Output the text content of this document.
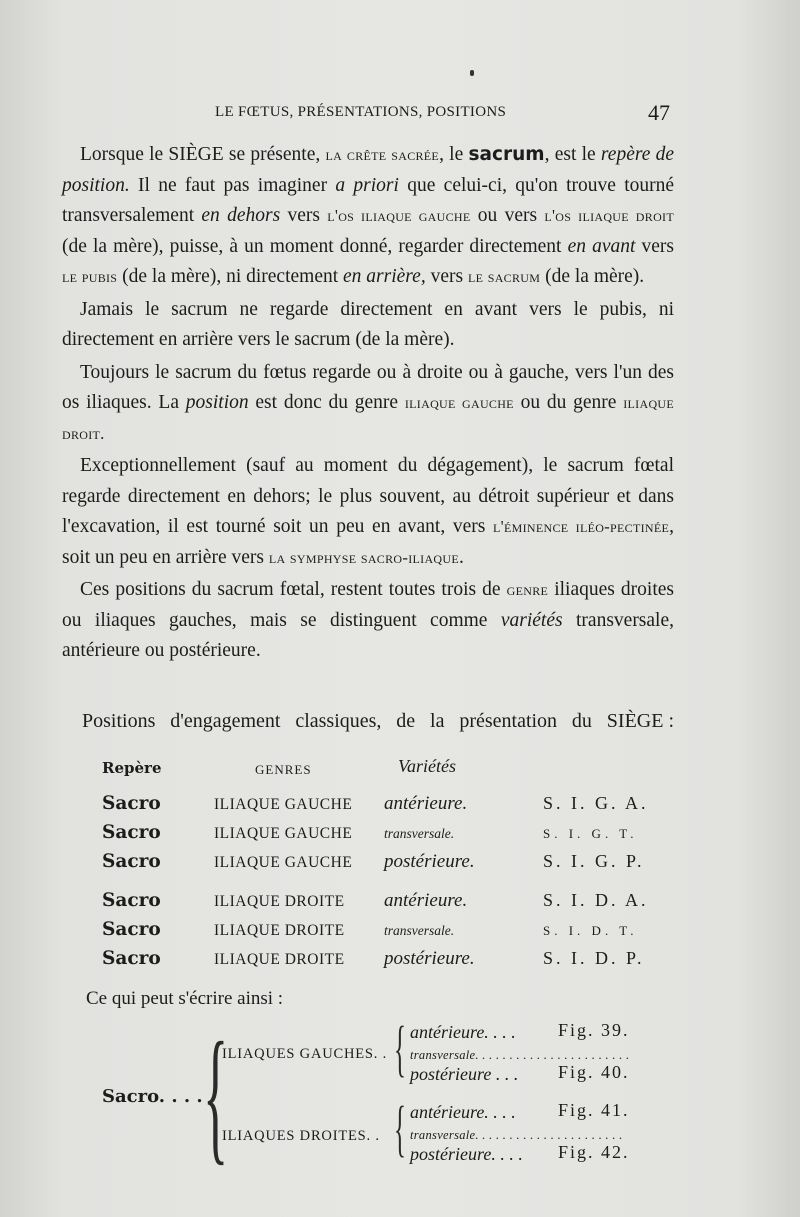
LE FŒTUS, PRÉSENTATIONS, POSITIONS	47

Lorsque le SIÈGE se présente, la crête sacrée, le sacrum, est le repère de position. Il ne faut pas imaginer a priori que celui-ci, qu'on trouve tourné transversalement en dehors vers l'os iliaque gauche ou vers l'os iliaque droit (de la mère), puisse, à un moment donné, regarder directement en avant vers le pubis (de la mère), ni directement en arrière, vers le sacrum (de la mère).

Jamais le sacrum ne regarde directement en avant vers le pubis, ni directement en arrière vers le sacrum (de la mère).

Toujours le sacrum du fœtus regarde ou à droite ou à gauche, vers l'un des os iliaques. La position est donc du genre iliaque gauche ou du genre iliaque droit.

Exceptionnellement (sauf au moment du dégagement), le sacrum fœtal regarde directement en dehors; le plus souvent, au détroit supérieur et dans l'excavation, il est tourné soit un peu en avant, vers l'éminence iléo-pectinée, soit un peu en arrière vers la symphyse sacro-iliaque.

Ces positions du sacrum fœtal, restent toutes trois de genre iliaques droites ou iliaques gauches, mais se distinguent comme variétés transversale, antérieure ou postérieure.

Positions d'engagement classiques, de la présentation du SIÈGE :
Repère	GENRES	Variétés
Sacro	ILIAQUE GAUCHE antérieure.	S. I. G. A.
Sacro	ILIAQUE GAUCHE transversale.	S. I. G. T.
Sacro	ILIAQUE GAUCHE postérieure.	S. I. G. P.
Sacro	ILIAQUE DROITE antérieure.	S. I. D. A.
Sacro	ILIAQUE DROITE	transversale.	S. I. D. T.
Sacro	ILIAQUE DROITE postérieure.	S. I. D. P.
Ce qui peut s'écrire ainsi :
Sacro. . . . {
ILIAQUES GAUCHES. . { antérieure. . . . Fig. 39.
transversale. . . . . . . . . . . . . . . . . . . . . . .
postérieure . . . Fig. 40.
ILIAQUES DROITES. . { antérieure. . . . Fig. 41.
transversale. . . . . . . . . . . . . . . . . . . . . .
postérieure. . . . Fig. 42.
